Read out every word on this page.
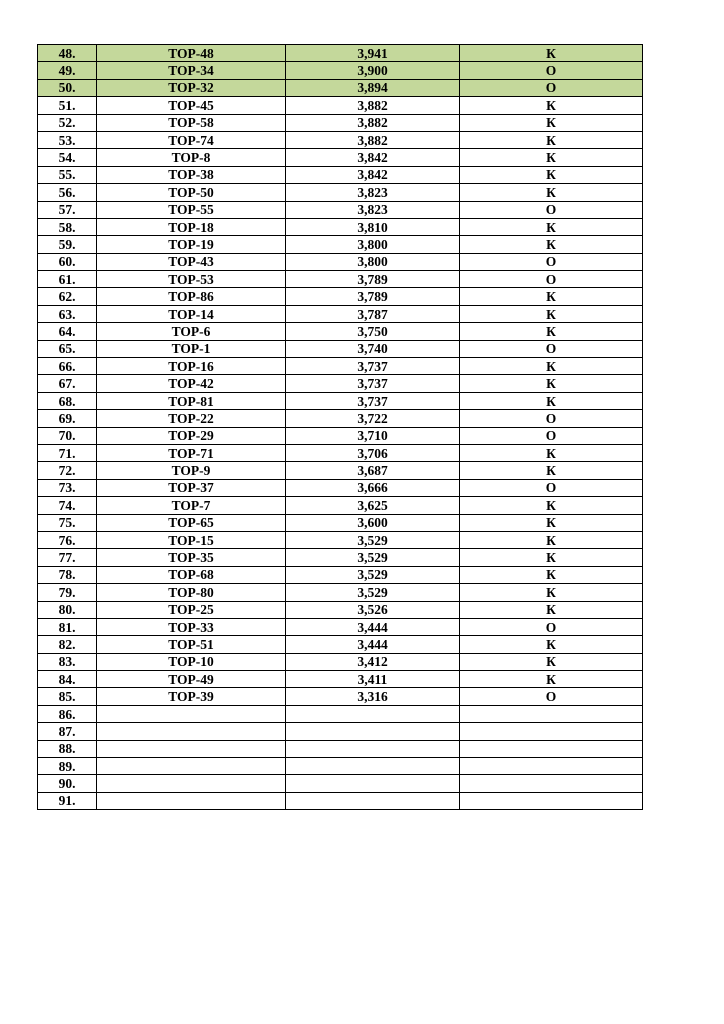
48.	TOP-48	3,941	К
49.	TOP-34	3,900	О
50.	TOP-32	3,894	О
51.	TOP-45	3,882	К
52.	TOP-58	3,882	К
53.	TOP-74	3,882	К
54.	TOP-8	3,842	К
55.	TOP-38	3,842	К
56.	TOP-50	3,823	К
57.	TOP-55	3,823	О
58.	TOP-18	3,810	К
59.	TOP-19	3,800	К
60.	TOP-43	3,800	О
61.	TOP-53	3,789	О
62.	TOP-86	3,789	К
63.	TOP-14	3,787	К
64.	TOP-6	3,750	К
65.	TOP-1	3,740	О
66.	TOP-16	3,737	К
67.	TOP-42	3,737	К
68.	TOP-81	3,737	К
69.	TOP-22	3,722	О
70.	TOP-29	3,710	О
71.	TOP-71	3,706	К
72.	TOP-9	3,687	К
73.	TOP-37	3,666	О
74.	TOP-7	3,625	К
75.	TOP-65	3,600	К
76.	TOP-15	3,529	К
77.	TOP-35	3,529	К
78.	TOP-68	3,529	К
79.	TOP-80	3,529	К
80.	TOP-25	3,526	К
81.	TOP-33	3,444	О
82.	TOP-51	3,444	К
83.	TOP-10	3,412	К
84.	TOP-49	3,411	К
85.	TOP-39	3,316	О
86.			
87.			
88.			
89.			
90.			
91.			
